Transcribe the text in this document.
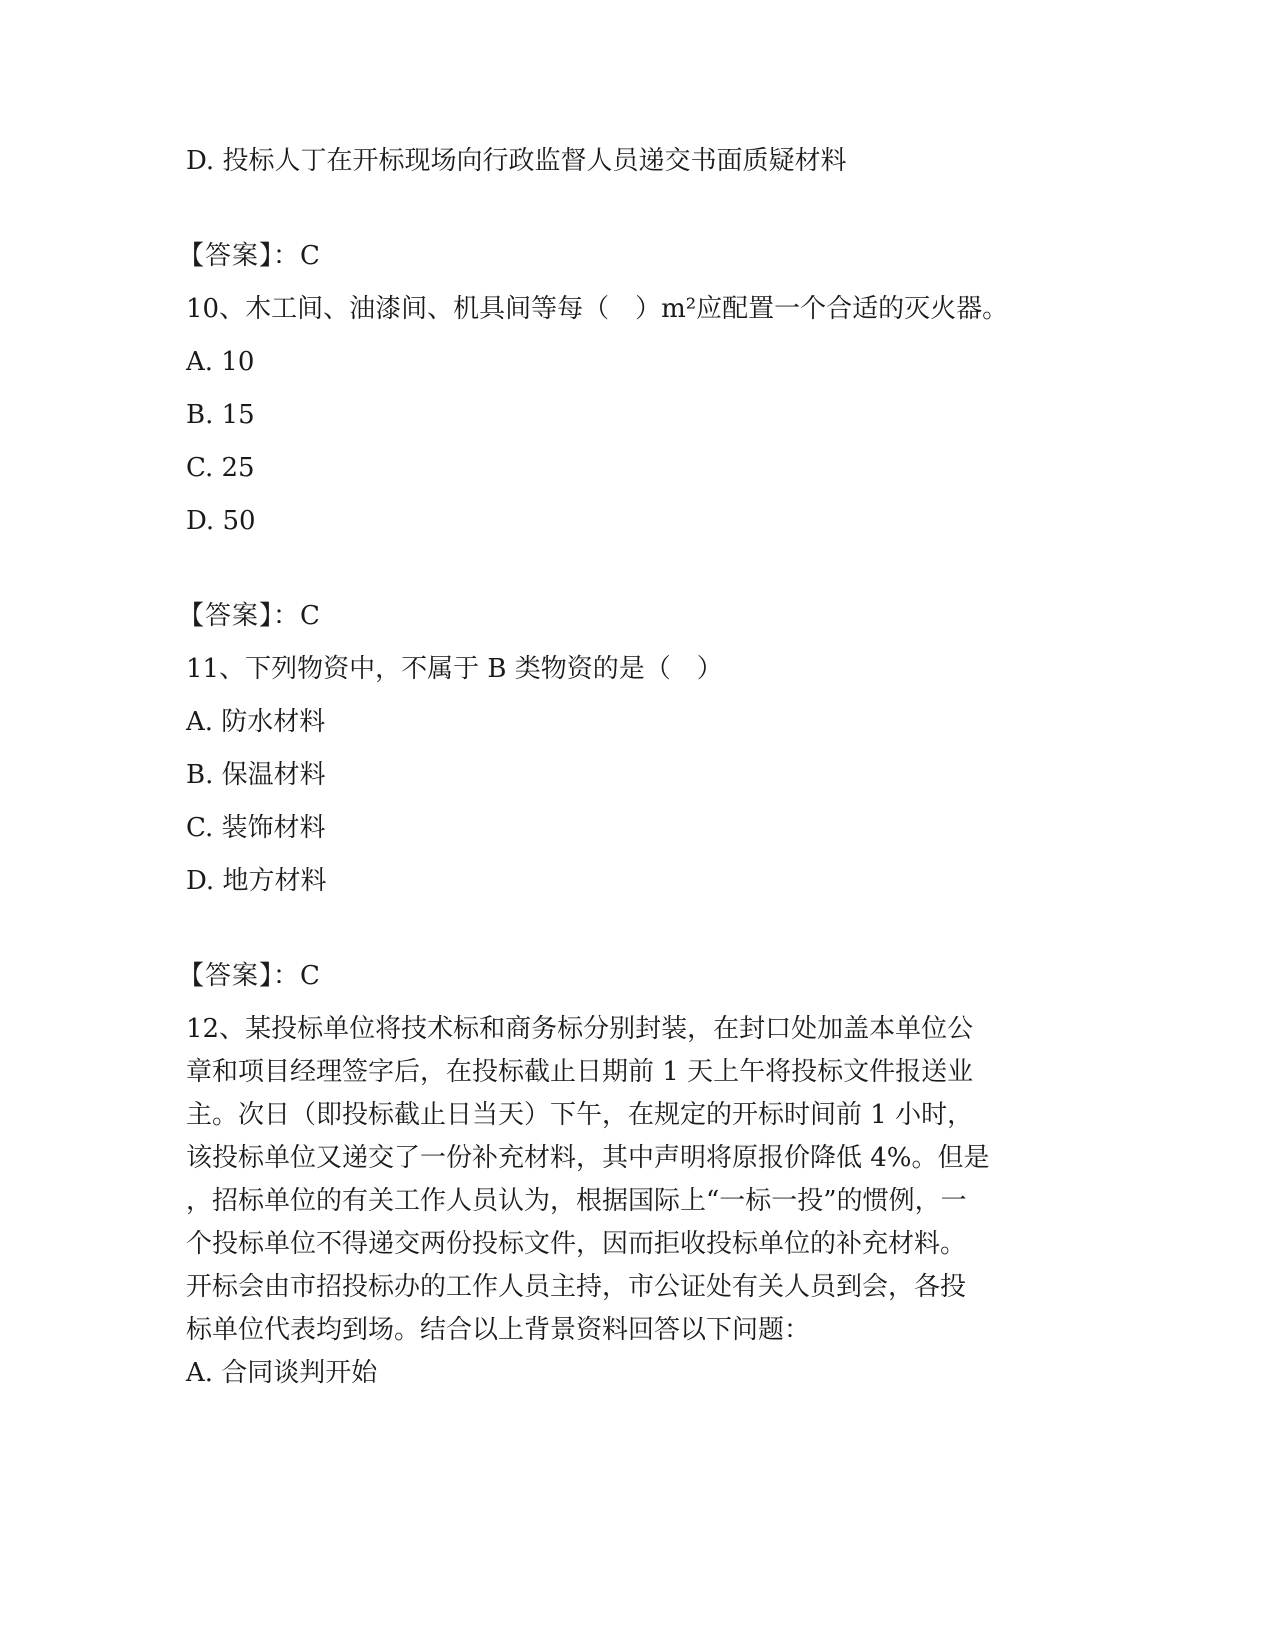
D. 投标人丁在开标现场向行政监督人员递交书面质疑材料
【答案】：C
10、木工间、油漆间、机具间等每（　）m²应配置一个合适的灭火器。
A. 10
B. 15
C. 25
D. 50
【答案】：C
11、下列物资中，不属于 B 类物资的是（　）
A. 防水材料
B. 保温材料
C. 装饰材料
D. 地方材料
【答案】：C
12、某投标单位将技术标和商务标分别封装，在封口处加盖本单位公
章和项目经理签字后，在投标截止日期前 1 天上午将投标文件报送业
主。次日（即投标截止日当天）下午，在规定的开标时间前 1 小时，
该投标单位又递交了一份补充材料，其中声明将原报价降低 4%。但是
，招标单位的有关工作人员认为，根据国际上“一标一投”的惯例，一
个投标单位不得递交两份投标文件，因而拒收投标单位的补充材料。
开标会由市招投标办的工作人员主持，市公证处有关人员到会，各投
标单位代表均到场。结合以上背景资料回答以下问题：
A. 合同谈判开始
